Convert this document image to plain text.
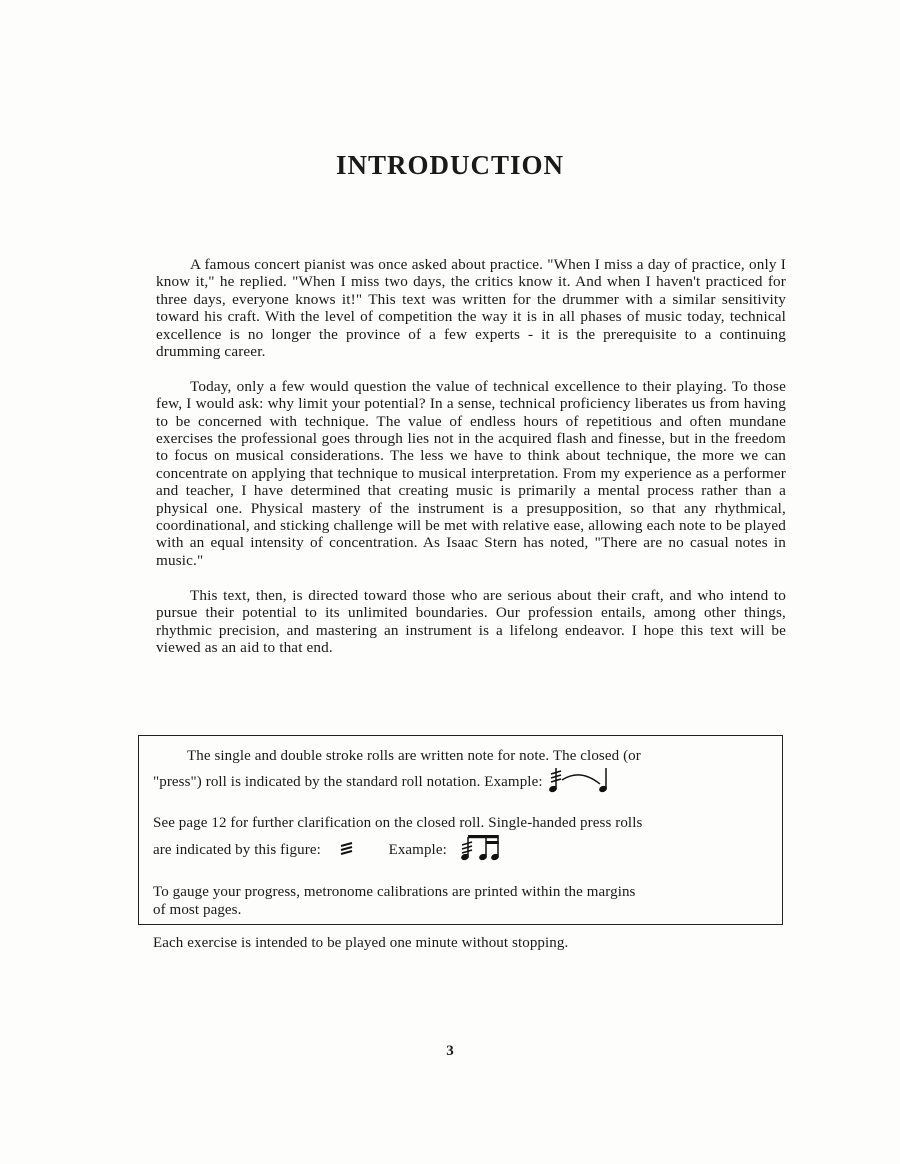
INTRODUCTION

A famous concert pianist was once asked about practice. "When I miss a day of practice, only I know it," he replied. "When I miss two days, the critics know it. And when I haven't practiced for three days, everyone knows it!" This text was written for the drummer with a similar sensitivity toward his craft. With the level of competition the way it is in all phases of music today, technical excellence is no longer the province of a few experts - it is the prerequisite to a continuing drumming career.

Today, only a few would question the value of technical excellence to their playing. To those few, I would ask: why limit your potential? In a sense, technical proficiency liberates us from having to be concerned with technique. The value of endless hours of repetitious and often mundane exercises the professional goes through lies not in the acquired flash and finesse, but in the freedom to focus on musical considerations. The less we have to think about technique, the more we can concentrate on applying that technique to musical interpretation. From my experience as a performer and teacher, I have determined that creating music is primarily a mental process rather than a physical one. Physical mastery of the instrument is a presupposition, so that any rhythmical, coordinational, and sticking challenge will be met with relative ease, allowing each note to be played with an equal intensity of concentration. As Isaac Stern has noted, "There are no casual notes in music."

This text, then, is directed toward those who are serious about their craft, and who intend to pursue their potential to its unlimited boundaries. Our profession entails, among other things, rhythmic precision, and mastering an instrument is a lifelong endeavor. I hope this text will be viewed as an aid to that end.

The single and double stroke rolls are written note for note. The closed (or
"press") roll is indicated by the standard roll notation. Example:
See page 12 for further clarification on the closed roll. Single-handed press rolls
are indicated by this figure:	Example:
To gauge your progress, metronome calibrations are printed within the margins
of most pages.
Each exercise is intended to be played one minute without stopping.
3
